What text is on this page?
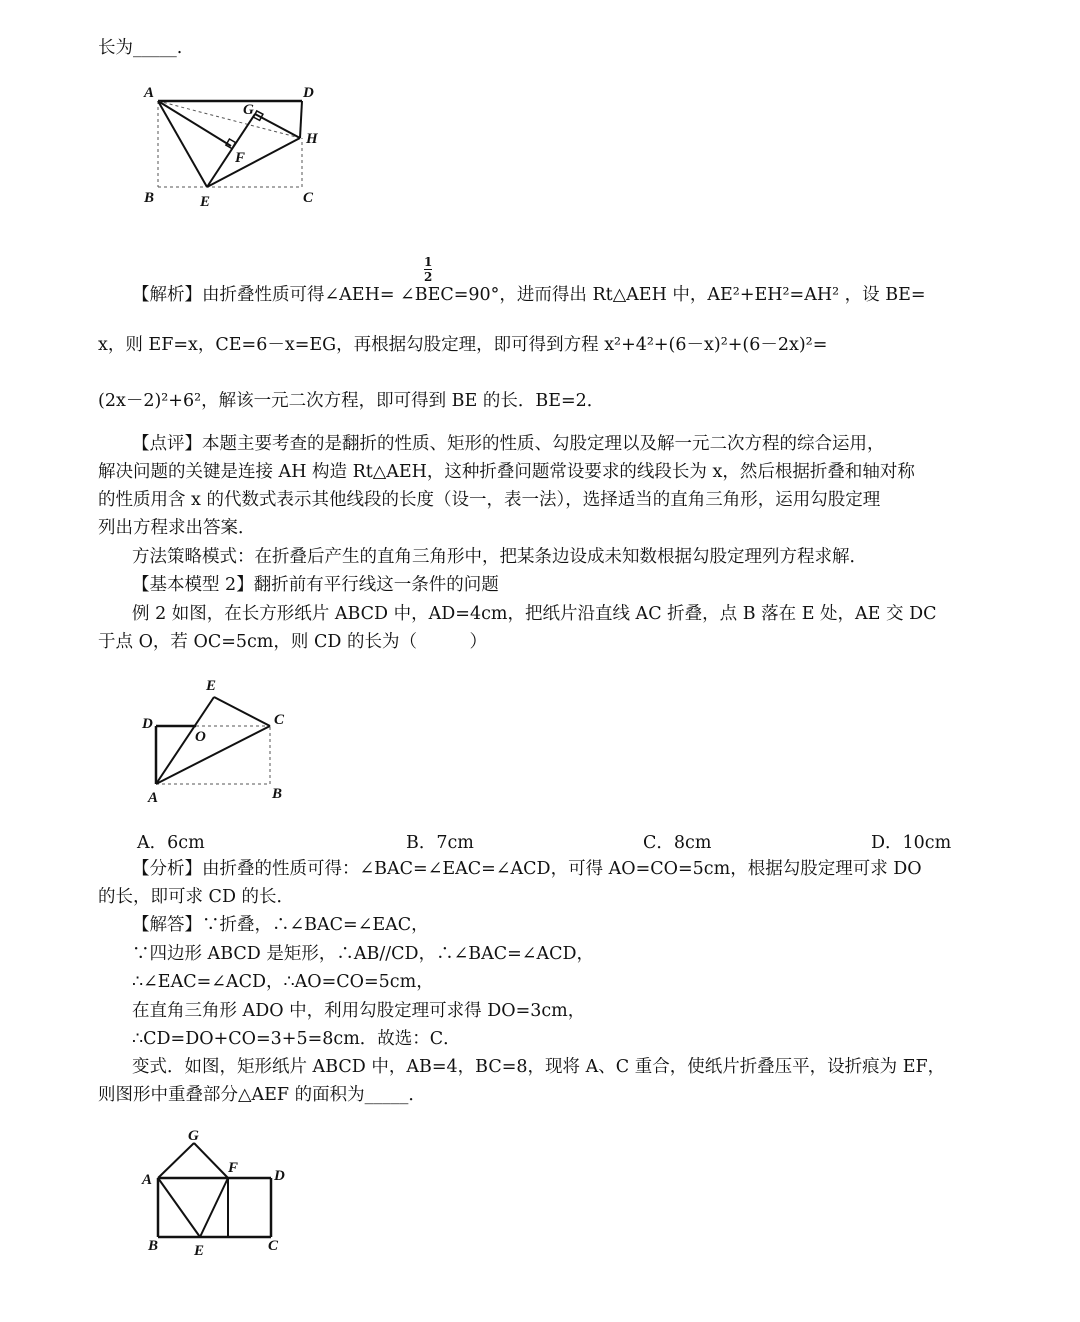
长为_____.
A	D
G
H
F
B	E	C
1
2
【解析】由折叠性质可得∠AEH= ∠BEC=90°，进而得出 Rt△AEH 中，AE²+EH²=AH² ，设 BE=
x，则 EF=x，CE=6－x=EG，再根据勾股定理，即可得到方程 x²+4²+(6－x)²+(6－2x)²=
(2x－2)²+6²，解该一元二次方程，即可得到 BE 的长．BE=2．
【点评】本题主要考查的是翻折的性质、矩形的性质、勾股定理以及解一元二次方程的综合运用，
解决问题的关键是连接 AH 构造 Rt△AEH，这种折叠问题常设要求的线段长为 x，然后根据折叠和轴对称
的性质用含 x 的代数式表示其他线段的长度（设一，表一法），选择适当的直角三角形，运用勾股定理
列出方程求出答案．
方法策略模式：在折叠后产生的直角三角形中，把某条边设成未知数根据勾股定理列方程求解．
【基本模型 2】翻折前有平行线这一条件的问题
例 2 如图，在长方形纸片 ABCD 中，AD=4cm，把纸片沿直线 AC 折叠，点 B 落在 E 处，AE 交 DC
于点 O，若 OC=5cm，则 CD 的长为（　　　）
E
D
O
C
A	B
A．6cm	B．7cm	C．8cm	D．10cm
【分析】由折叠的性质可得：∠BAC=∠EAC=∠ACD，可得 AO=CO=5cm，根据勾股定理可求 DO
的长，即可求 CD 的长．
【解答】∵折叠，∴∠BAC=∠EAC，
∵四边形 ABCD 是矩形，∴AB//CD，∴∠BAC=∠ACD，
∴∠EAC=∠ACD，∴AO=CO=5cm，
在直角三角形 ADO 中，利用勾股定理可求得 DO=3cm，
∴CD=DO+CO=3+5=8cm．故选：C．
变式．如图，矩形纸片 ABCD 中，AB=4，BC=8，现将 A、C 重合，使纸片折叠压平，设折痕为 EF，
则图形中重叠部分△AEF 的面积为_____．
G
A
F D
B E	C
